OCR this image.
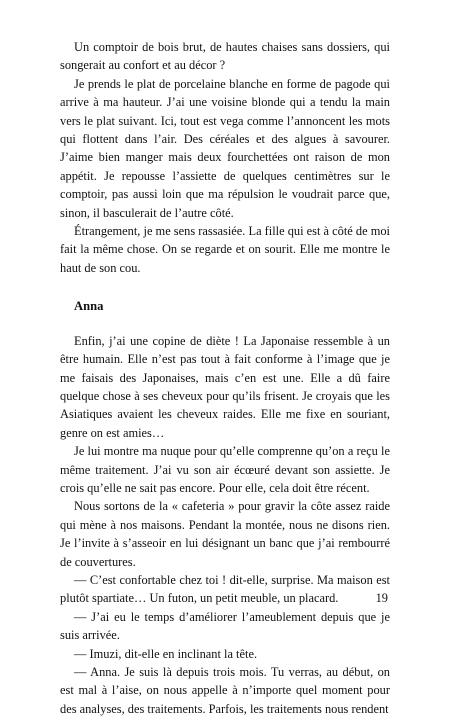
Un comptoir de bois brut, de hautes chaises sans dossiers, qui songerait au confort et au décor ?

Je prends le plat de porcelaine blanche en forme de pagode qui arrive à ma hauteur. J’ai une voisine blonde qui a tendu la main vers le plat suivant. Ici, tout est vega comme l’annoncent les mots qui flottent dans l’air. Des céréales et des algues à savourer. J’aime bien manger mais deux fourchettées ont raison de mon appétit. Je repousse l’assiette de quelques centimètres sur le comptoir, pas aussi loin que ma répulsion le voudrait parce que, sinon, il basculerait de l’autre côté.

Étrangement, je me sens rassasiée. La fille qui est à côté de moi fait la même chose. On se regarde et on sourit. Elle me montre le haut de son cou.

Anna

Enfin, j’ai une copine de diète ! La Japonaise ressemble à un être humain. Elle n’est pas tout à fait conforme à l’image que je me faisais des Japonaises, mais c’en est une. Elle a dû faire quelque chose à ses cheveux pour qu’ils frisent. Je croyais que les Asiatiques avaient les cheveux raides. Elle me fixe en souriant, genre on est amies…

Je lui montre ma nuque pour qu’elle comprenne qu’on a reçu le même traitement. J’ai vu son air écœuré devant son assiette. Je crois qu’elle ne sait pas encore. Pour elle, cela doit être récent.

Nous sortons de la « cafeteria » pour gravir la côte assez raide qui mène à nos maisons. Pendant la montée, nous ne disons rien. Je l’invite à s’asseoir en lui désignant un banc que j’ai rembourré de couvertures.

— C’est confortable chez toi ! dit-elle, surprise. Ma maison est plutôt spartiate… Un futon, un petit meuble, un placard.

— J’ai eu le temps d’améliorer l’ameublement depuis que je suis arrivée.

— Imuzi, dit-elle en inclinant la tête.

— Anna. Je suis là depuis trois mois. Tu verras, au début, on est mal à l’aise, on nous appelle à n’importe quel moment pour des analyses, des traitements. Parfois, les traitements nous rendent

19
